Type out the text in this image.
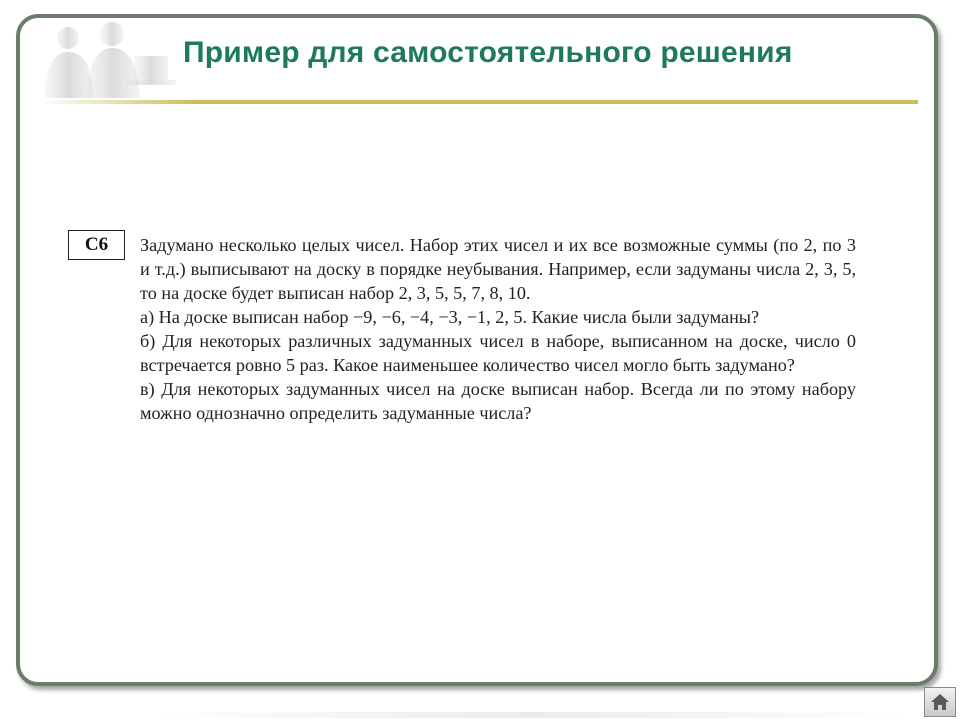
Пример для самостоятельного решения
С6	Задумано несколько целых чисел. Набор этих чисел и их все возможные суммы (по 2, по 3 и т.д.) выписывают на доску в порядке неубывания. Например, если задуманы числа 2, 3, 5, то на доске будет выписан набор 2, 3, 5, 5, 7, 8, 10.

а) На доске выписан набор −9, −6, −4, −3, −1, 2, 5. Какие числа были задуманы?

б) Для некоторых различных задуманных чисел в наборе, выписанном на доске, число 0 встречается ровно 5 раз. Какое наименьшее количество чисел могло быть задумано?

в) Для некоторых задуманных чисел на доске выписан набор. Всегда ли по этому набору можно однозначно определить задуманные числа?
